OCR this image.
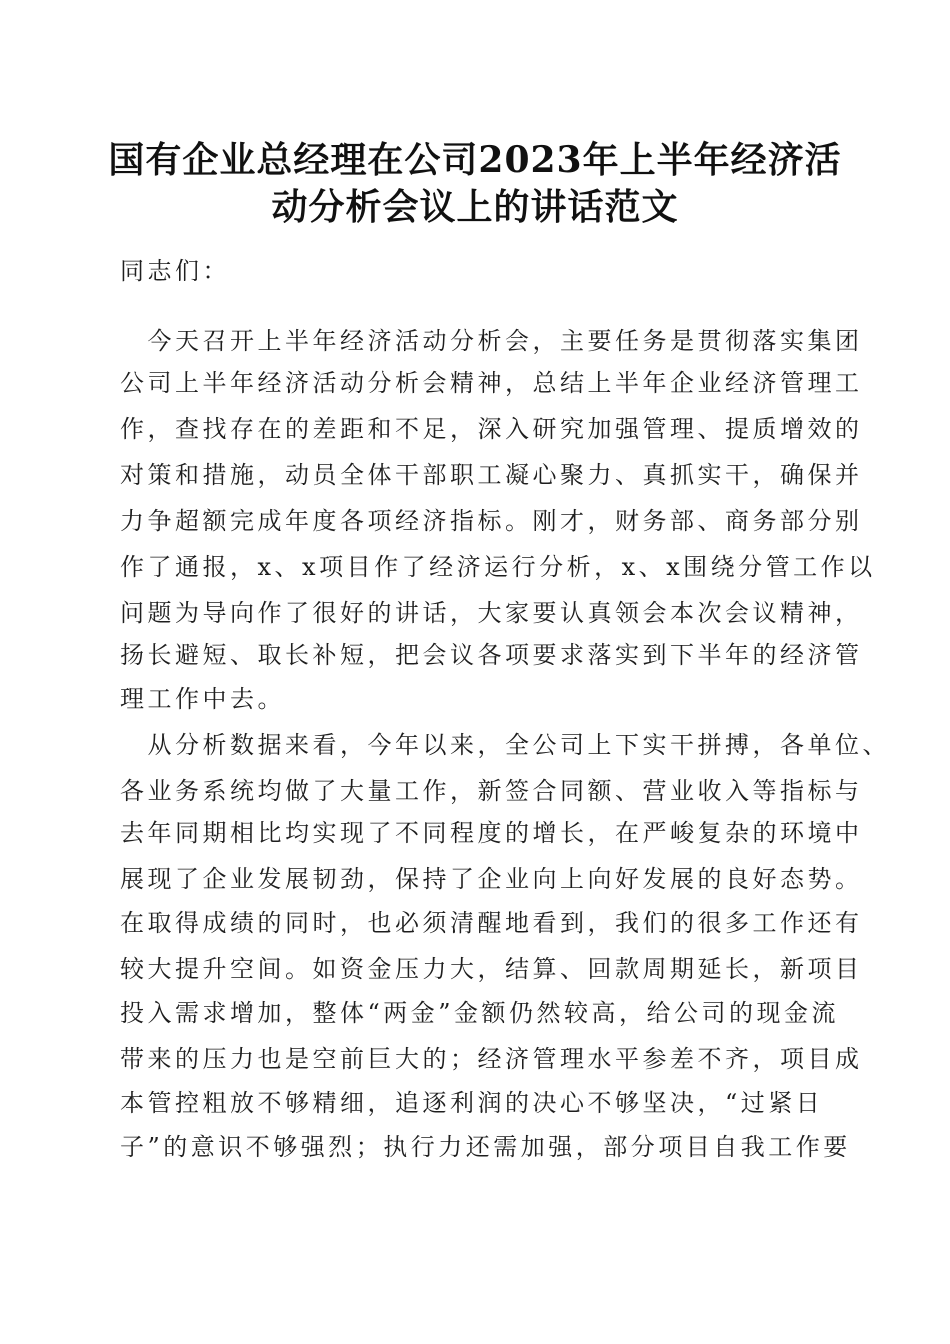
国有企业总经理在公司2023年上半年经济活
动分析会议上的讲话范文
同志们：
　今天召开上半年经济活动分析会，主要任务是贯彻落实集团
公司上半年经济活动分析会精神，总结上半年企业经济管理工
作，查找存在的差距和不足，深入研究加强管理、提质增效的
对策和措施，动员全体干部职工凝心聚力、真抓实干，确保并
力争超额完成年度各项经济指标。刚才，财务部、商务部分别
作了通报，x、x项目作了经济运行分析，x、x围绕分管工作以
问题为导向作了很好的讲话，大家要认真领会本次会议精神，
扬长避短、取长补短，把会议各项要求落实到下半年的经济管
理工作中去。
　从分析数据来看，今年以来，全公司上下实干拼搏，各单位、
各业务系统均做了大量工作，新签合同额、营业收入等指标与
去年同期相比均实现了不同程度的增长，在严峻复杂的环境中
展现了企业发展韧劲，保持了企业向上向好发展的良好态势。
在取得成绩的同时，也必须清醒地看到，我们的很多工作还有
较大提升空间。如资金压力大，结算、回款周期延长，新项目
投入需求增加，整体“两金”金额仍然较高，给公司的现金流
带来的压力也是空前巨大的；经济管理水平参差不齐，项目成
本管控粗放不够精细，追逐利润的决心不够坚决，“过紧日
子”的意识不够强烈；执行力还需加强，部分项目自我工作要
